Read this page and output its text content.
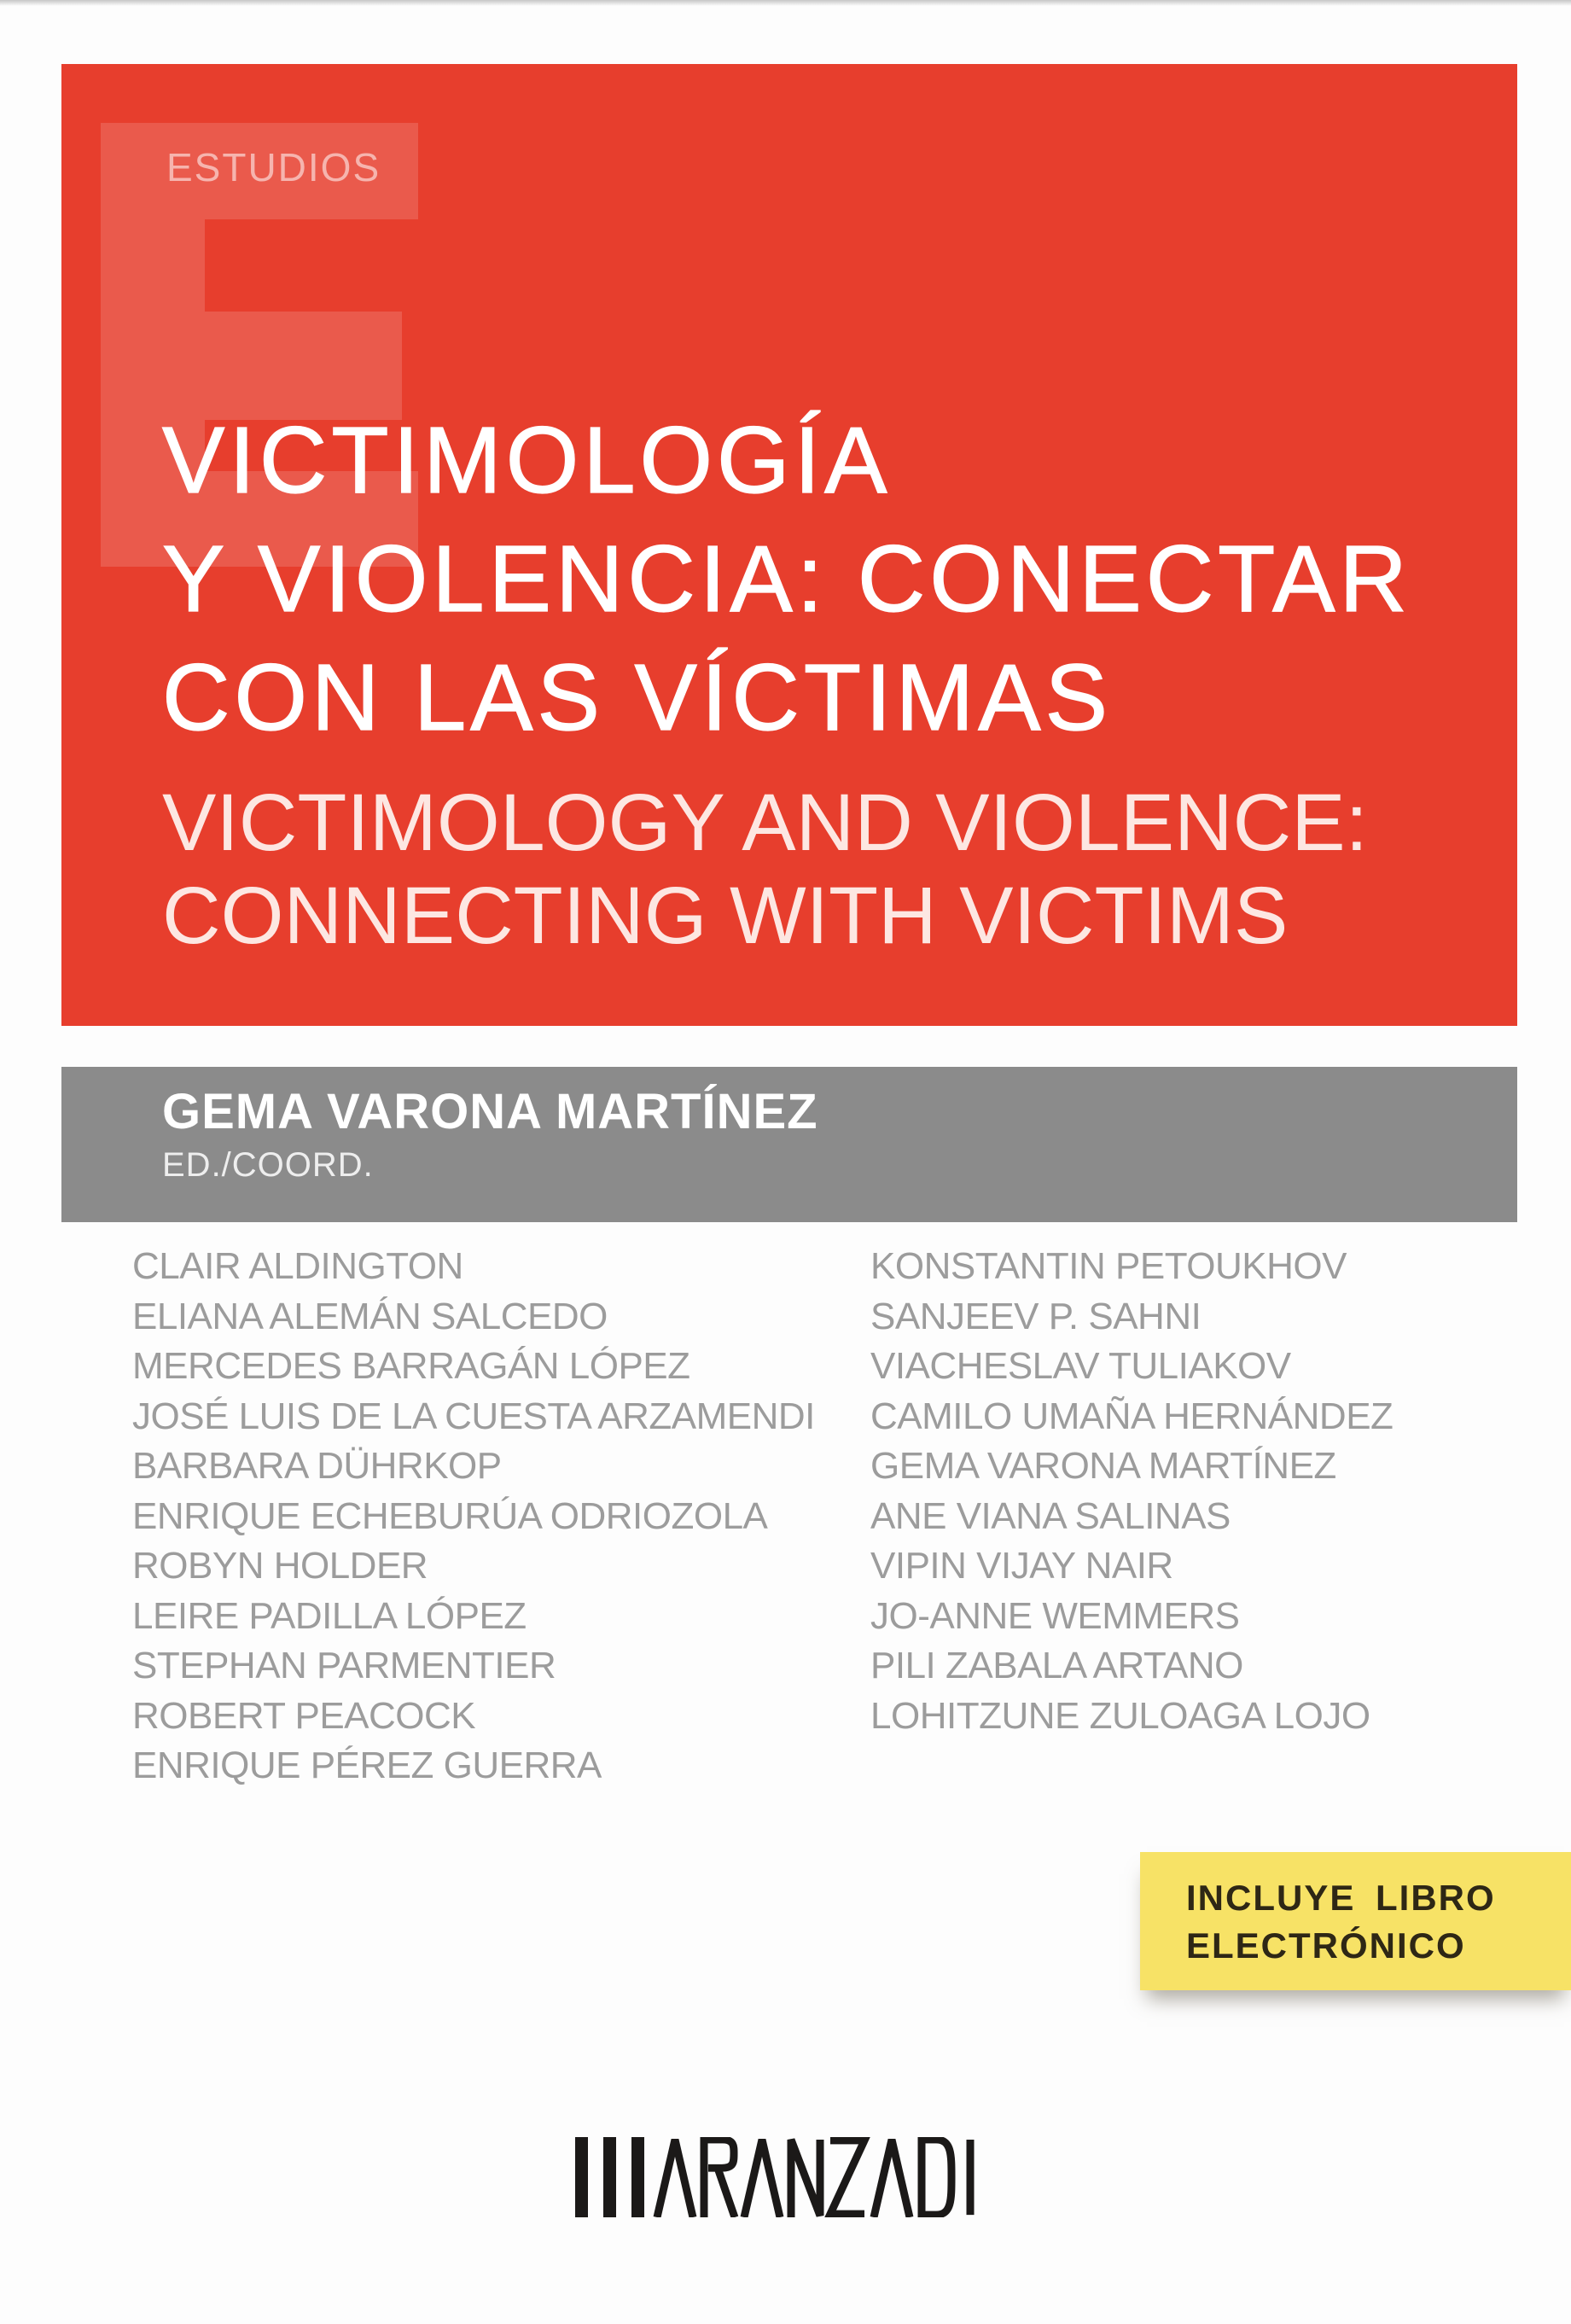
ESTUDIOS
VICTIMOLOGÍA
Y VIOLENCIA: CONECTAR
CON LAS VÍCTIMAS
VICTIMOLOGY AND VIOLENCE:
CONNECTING WITH VICTIMS
GEMA VARONA MARTÍNEZ
ED./COORD.
CLAIR ALDINGTON
ELIANA ALEMÁN SALCEDO
MERCEDES BARRAGÁN LÓPEZ
JOSÉ LUIS DE LA CUESTA ARZAMENDI
BARBARA DÜHRKOP
ENRIQUE ECHEBURÚA ODRIOZOLA
ROBYN HOLDER
LEIRE PADILLA LÓPEZ
STEPHAN PARMENTIER
ROBERT PEACOCK
ENRIQUE PÉREZ GUERRA
KONSTANTIN PETOUKHOV
SANJEEV P. SAHNI
VIACHESLAV TULIAKOV
CAMILO UMAÑA HERNÁNDEZ
GEMA VARONA MARTÍNEZ
ANE VIANA SALINAS
VIPIN VIJAY NAIR
JO-ANNE WEMMERS
PILI ZABALA ARTANO
LOHITZUNE ZULOAGA LOJO
INCLUYE LIBRO
ELECTRÓNICO
